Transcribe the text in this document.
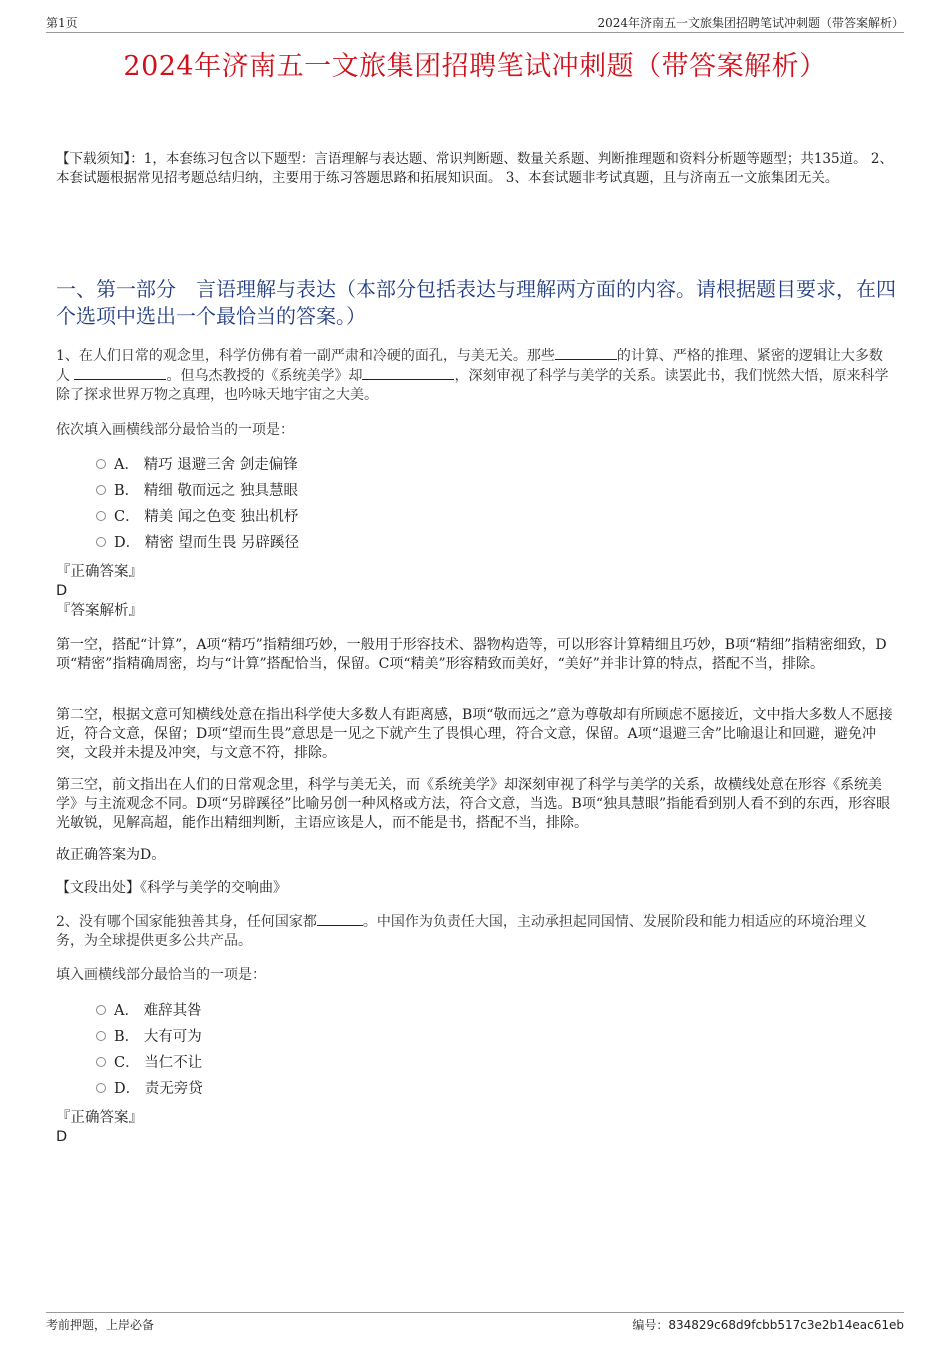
第1页	2024年济南五一文旅集团招聘笔试冲刺题（带答案解析）
2024年济南五一文旅集团招聘笔试冲刺题（带答案解析）
【下载须知】：1，本套练习包含以下题型：言语理解与表达题、常识判断题、数量关系题、判断推理题和资料分析题等题型；共135道。 2、本套试题根据常见招考题总结归纳，主要用于练习答题思路和拓展知识面。 3、本套试题非考试真题，且与济南五一文旅集团无关。
一、第一部分　言语理解与表达（本部分包括表达与理解两方面的内容。请根据题目要求，在四个选项中选出一个最恰当的答案。）
1、在人们日常的观念里，科学仿佛有着一副严肃和冷硬的面孔，与美无关。那些	的计算、严格的推理、紧密的逻辑让大多数人	。但乌杰教授的《系统美学》却	，深刻审视了科学与美学的关系。读罢此书，我们恍然大悟，原来科学除了探求世界万物之真理，也吟咏天地宇宙之大美。
依次填入画横线部分最恰当的一项是：
A． 精巧 退避三舍 剑走偏锋
B． 精细 敬而远之 独具慧眼
C． 精美 闻之色变 独出机杼
D． 精密 望而生畏 另辟蹊径
『正确答案』
D
『答案解析』
第一空，搭配“计算”，A项“精巧”指精细巧妙，一般用于形容技术、器物构造等，可以形容计算精细且巧妙，B项“精细”指精密细致，D项“精密”指精确周密，均与“计算”搭配恰当，保留。C项“精美”形容精致而美好，“美好”并非计算的特点，搭配不当，排除。
第二空，根据文意可知横线处意在指出科学使大多数人有距离感，B项“敬而远之”意为尊敬却有所顾虑不愿接近，文中指大多数人不愿接近，符合文意，保留；D项“望而生畏”意思是一见之下就产生了畏惧心理，符合文意，保留。A项“退避三舍”比喻退让和回避，避免冲突，文段并未提及冲突，与文意不符，排除。
第三空，前文指出在人们的日常观念里，科学与美无关，而《系统美学》却深刻审视了科学与美学的关系，故横线处意在形容《系统美学》与主流观念不同。D项“另辟蹊径”比喻另创一种风格或方法，符合文意，当选。B项“独具慧眼”指能看到别人看不到的东西，形容眼光敏锐，见解高超，能作出精细判断，主语应该是人，而不能是书，搭配不当，排除。
故正确答案为D。
【文段出处】《科学与美学的交响曲》
2、没有哪个国家能独善其身，任何国家都	。中国作为负责任大国，主动承担起同国情、发展阶段和能力相适应的环境治理义务，为全球提供更多公共产品。
填入画横线部分最恰当的一项是：
A． 难辞其咎
B． 大有可为
C． 当仁不让
D． 责无旁贷
『正确答案』
D
考前押题，上岸必备	编号：834829c68d9fcbb517c3e2b14eac61eb
